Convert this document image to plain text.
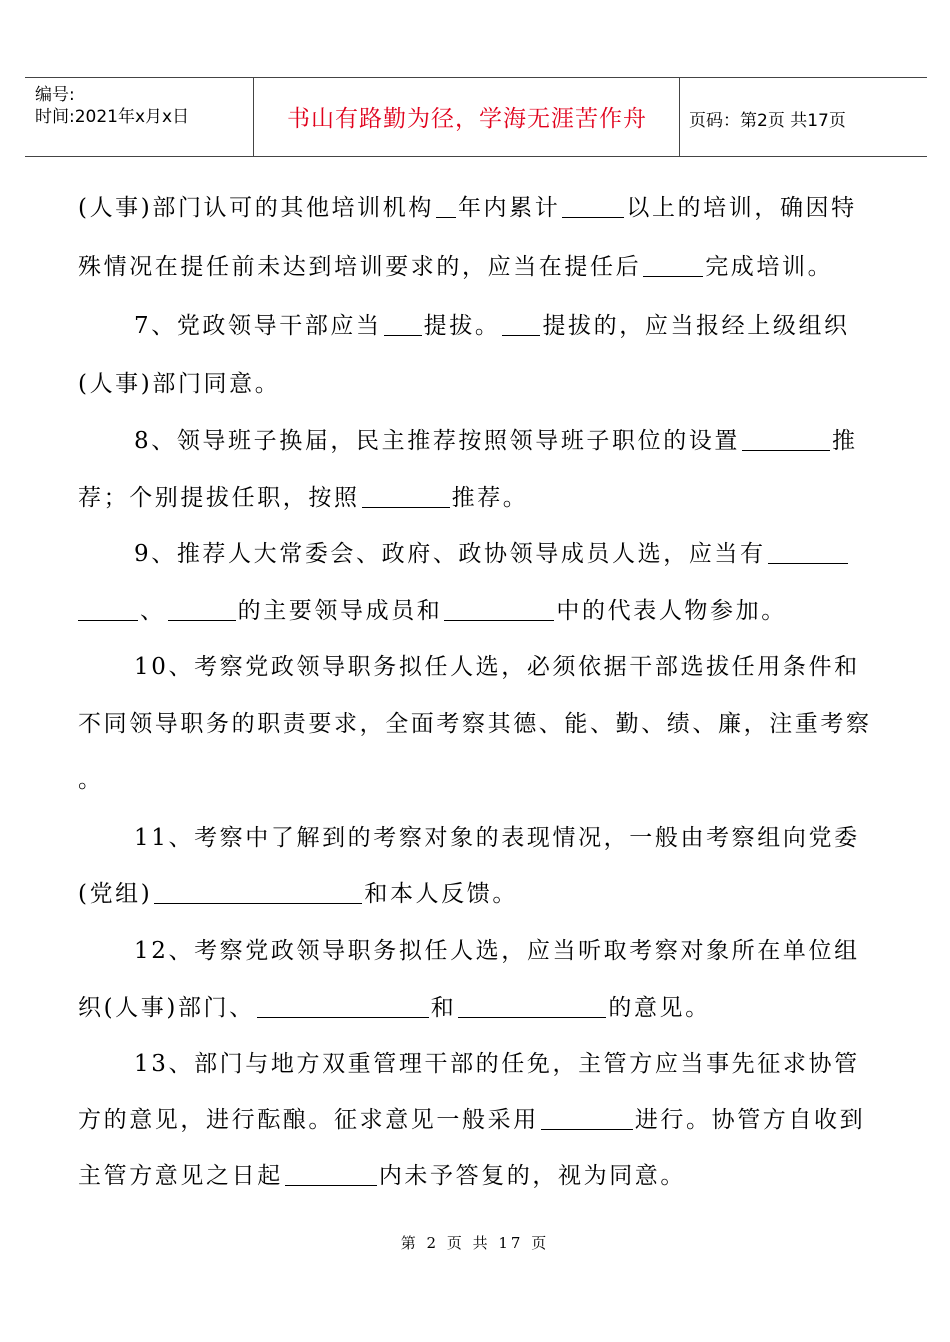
编号:
时间:2021年x月x日	书山有路勤为径，学海无涯苦作舟	页码：第2页 共17页
(人事)部门认可的其他培训机构 年内累计	以上的培训，确因特
殊情况在提任前未达到培训要求的，应当在提任后	完成培训。
7、党政领导干部应当 提拔。 提拔的，应当报经上级组织
(人事)部门同意。
8、领导班子换届，民主推荐按照领导班子职位的设置	推
荐；个别提拔任职，按照	推荐。
9、推荐人大常委会、政府、政协领导成员人选，应当有
、	的主要领导成员和	中的代表人物参加。
10、考察党政领导职务拟任人选，必须依据干部选拔任用条件和
不同领导职务的职责要求，全面考察其德、能、勤、绩、廉，注重考察
。
11、考察中了解到的考察对象的表现情况，一般由考察组向党委
(党组)	和本人反馈。
12、考察党政领导职务拟任人选，应当听取考察对象所在单位组
织(人事)部门、	和	的意见。
13、部门与地方双重管理干部的任免，主管方应当事先征求协管
方的意见，进行酝酿。征求意见一般采用	进行。协管方自收到
主管方意见之日起	内未予答复的，视为同意。
第 2 页 共 17 页
